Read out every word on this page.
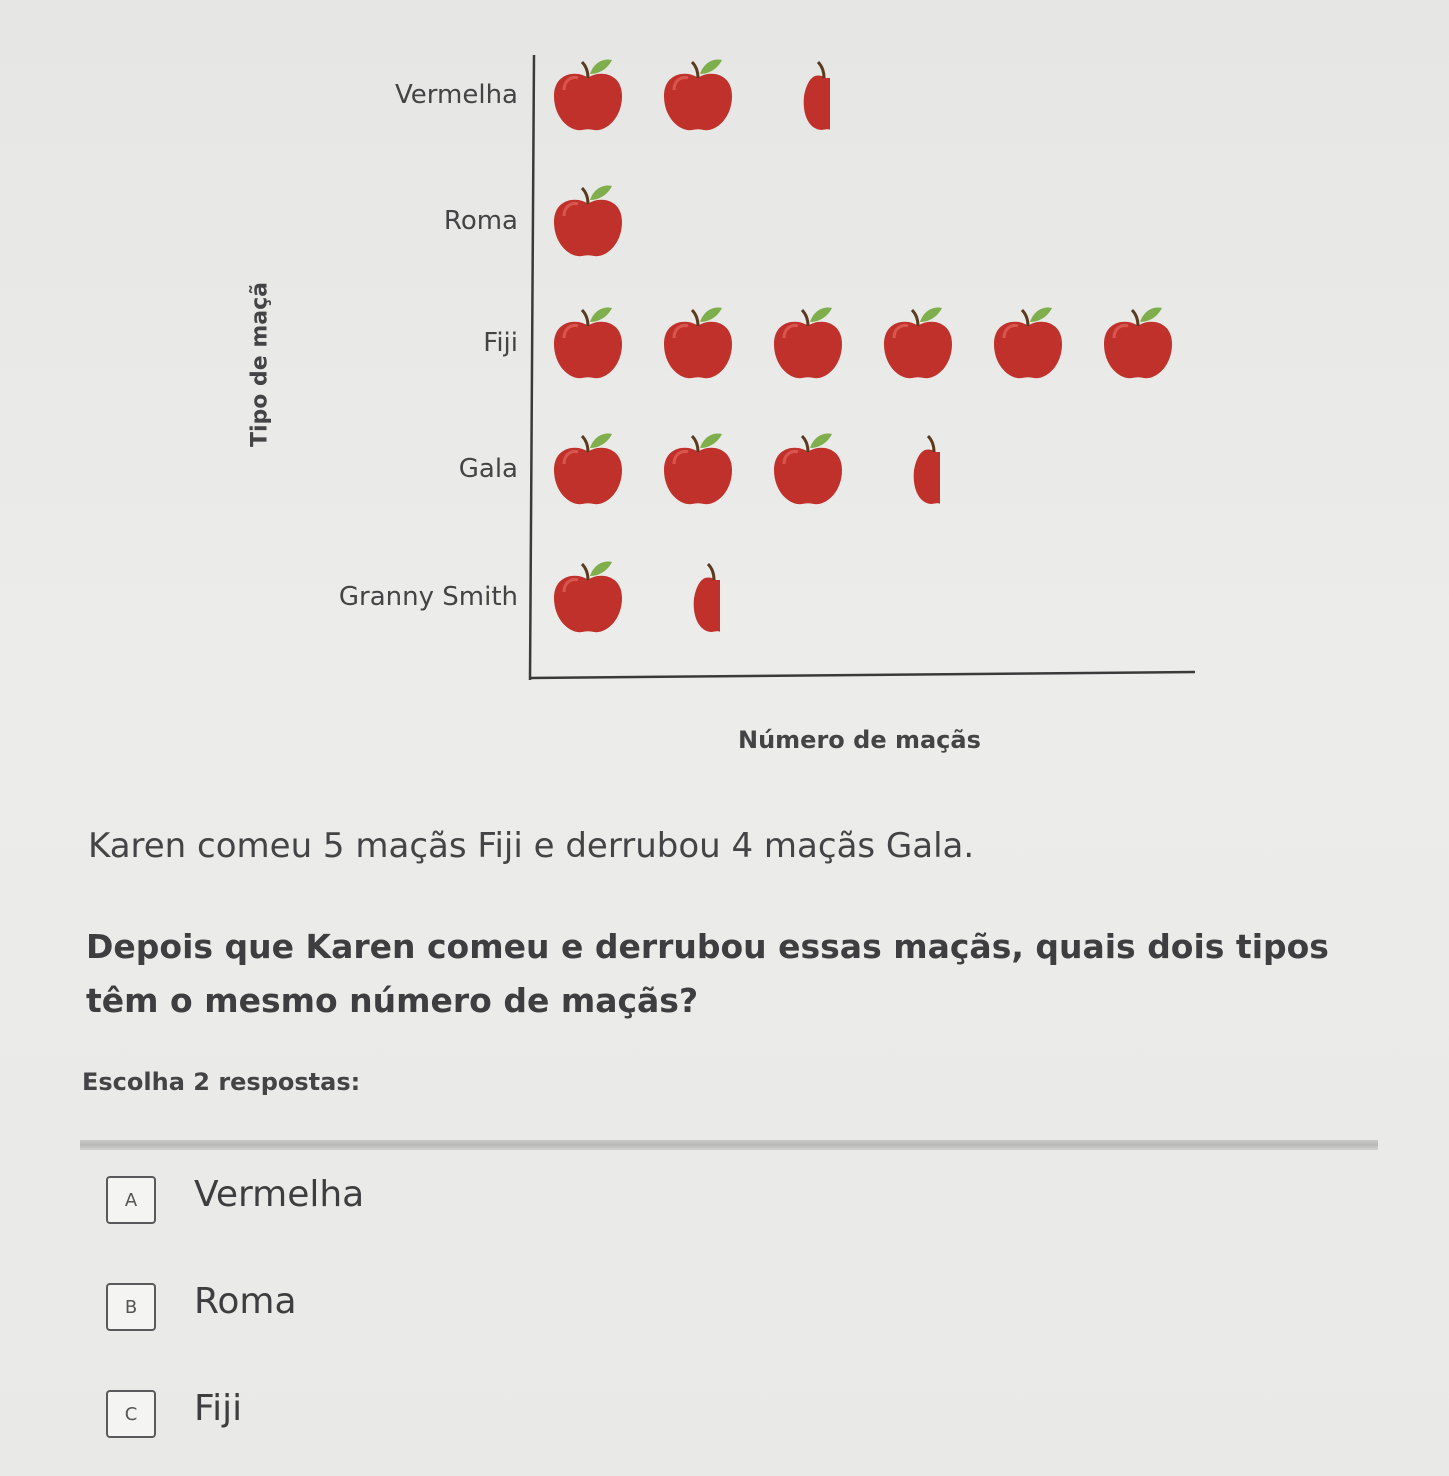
Tipo de maçã
Número de maçãs
Vermelha
Roma
Fiji
Gala
Granny Smith
Karen comeu 5 maçãs Fiji e derrubou 4 maçãs Gala.
Depois que Karen comeu e derrubou essas maçãs, quais dois tipos têm o mesmo número de maçãs?
Escolha 2 respostas:
A	Vermelha
B	Roma
C	Fiji
